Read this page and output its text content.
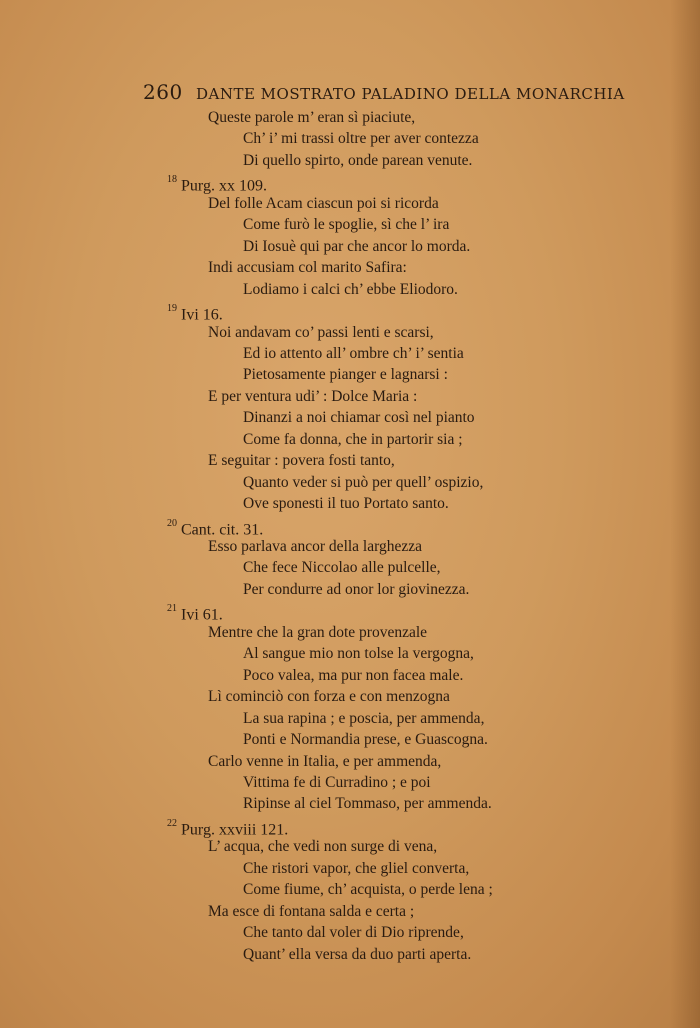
260 DANTE MOSTRATO PALADINO DELLA MONARCHIA
Queste parole m’ eran sì piaciute,
Ch’ i’ mi trassi oltre per aver contezza
Di quello spirto, onde parean venute.
$^{18}$ Purg. xx 109.
Del folle Acam ciascun poi si ricorda
Come furò le spoglie, sì che l’ ira
Di Iosuè qui par che ancor lo morda.
Indi accusiam col marito Safira:
Lodiamo i calci ch’ ebbe Eliodoro.
$^{19}$ Ivi 16.
Noi andavam co’ passi lenti e scarsi,
Ed io attento all’ ombre ch’ i’ sentia
Pietosamente pianger e lagnarsi :
E per ventura udi’ : Dolce Maria :
Dinanzi a noi chiamar così nel pianto
Come fa donna, che in partorir sia ;
E seguitar : povera fosti tanto,
Quanto veder si può per quell’ ospizio,
Ove sponesti il tuo Portato santo.
$^{20}$ Cant. cit. 31.
Esso parlava ancor della larghezza
Che fece Niccolao alle pulcelle,
Per condurre ad onor lor giovinezza.
$^{21}$ Ivi 61.
Mentre che la gran dote provenzale
Al sangue mio non tolse la vergogna,
Poco valea, ma pur non facea male.
Lì cominciò con forza e con menzogna
La sua rapina ; e poscia, per ammenda,
Ponti e Normandia prese, e Guascogna.
Carlo venne in Italia, e per ammenda,
Vittima fe di Curradino ; e poi
Ripinse al ciel Tommaso, per ammenda.
$^{22}$ Purg. xxviii 121.
L’ acqua, che vedi non surge di vena,
Che ristori vapor, che gliel converta,
Come fiume, ch’ acquista, o perde lena ;
Ma esce di fontana salda e certa ;
Che tanto dal voler di Dio riprende,
Quant’ ella versa da duo parti aperta.
